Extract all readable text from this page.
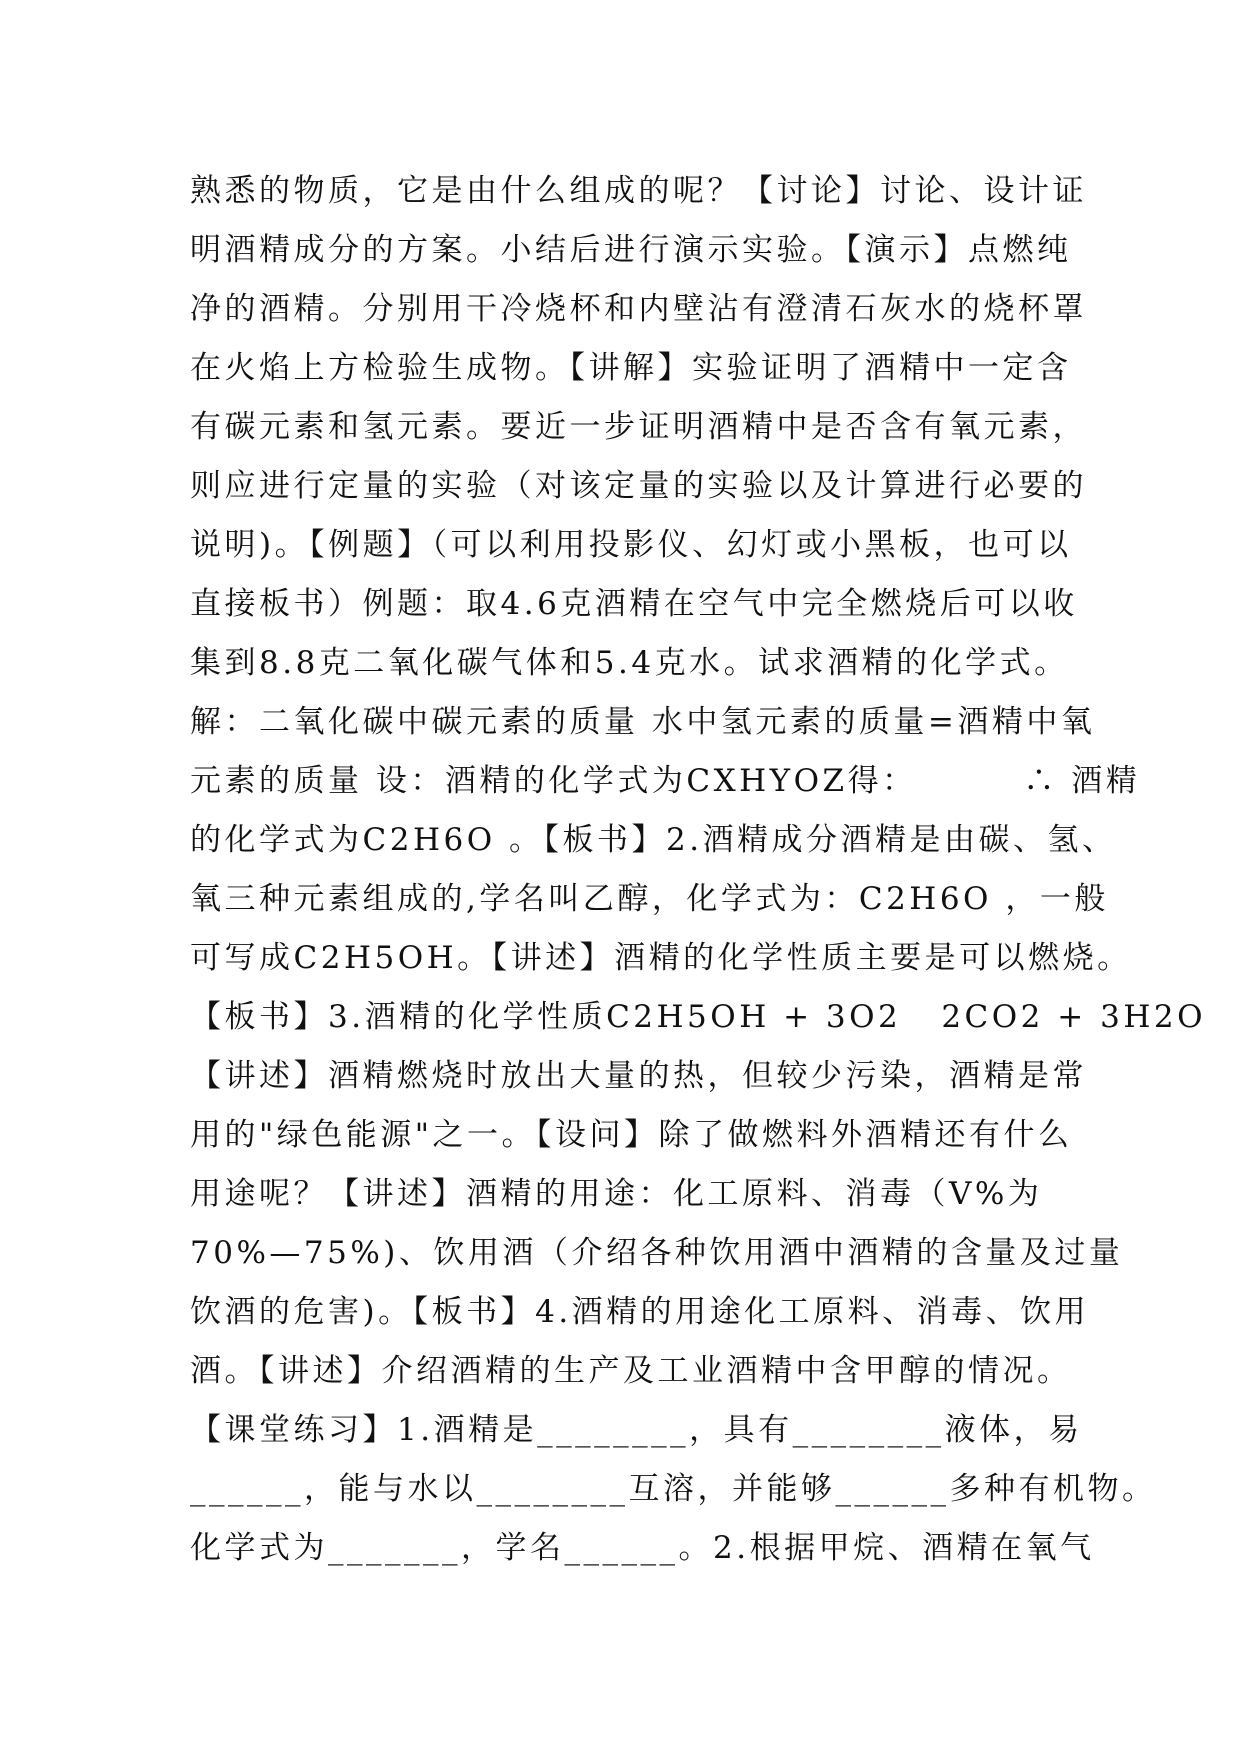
熟悉的物质，它是由什么组成的呢？【讨论】讨论、设计证
明酒精成分的方案。小结后进行演示实验。【演示】点燃纯
净的酒精。分别用干冷烧杯和内壁沾有澄清石灰水的烧杯罩
在火焰上方检验生成物。【讲解】实验证明了酒精中一定含
有碳元素和氢元素。要近一步证明酒精中是否含有氧元素，
则应进行定量的实验（对该定量的实验以及计算进行必要的
说明)。【例题】（可以利用投影仪、幻灯或小黑板，也可以
直接板书）例题：取4.6克酒精在空气中完全燃烧后可以收
集到8.8克二氧化碳气体和5.4克水。试求酒精的化学式。
解：二氧化碳中碳元素的质量 水中氢元素的质量=酒精中氧
元素的质量 设：酒精的化学式为CXHYOZ得：        ∴ 酒精
的化学式为C2H6O 。【板书】2.酒精成分酒精是由碳、氢、
氧三种元素组成的,学名叫乙醇，化学式为：C2H6O ，一般
可写成C2H5OH。【讲述】酒精的化学性质主要是可以燃烧。
【板书】3.酒精的化学性质C2H5OH + 3O2   2CO2 + 3H2O
【讲述】酒精燃烧时放出大量的热，但较少污染，酒精是常
用的"绿色能源"之一。【设问】除了做燃料外酒精还有什么
用途呢？【讲述】酒精的用途：化工原料、消毒（V%为
70%—75%)、饮用酒（介绍各种饮用酒中酒精的含量及过量
饮酒的危害)。【板书】4.酒精的用途化工原料、消毒、饮用
酒。【讲述】介绍酒精的生产及工业酒精中含甲醇的情况。
【课堂练习】1.酒精是________，具有________液体，易
______，能与水以________互溶，并能够______多种有机物。
化学式为_______，学名______。2.根据甲烷、酒精在氧气
